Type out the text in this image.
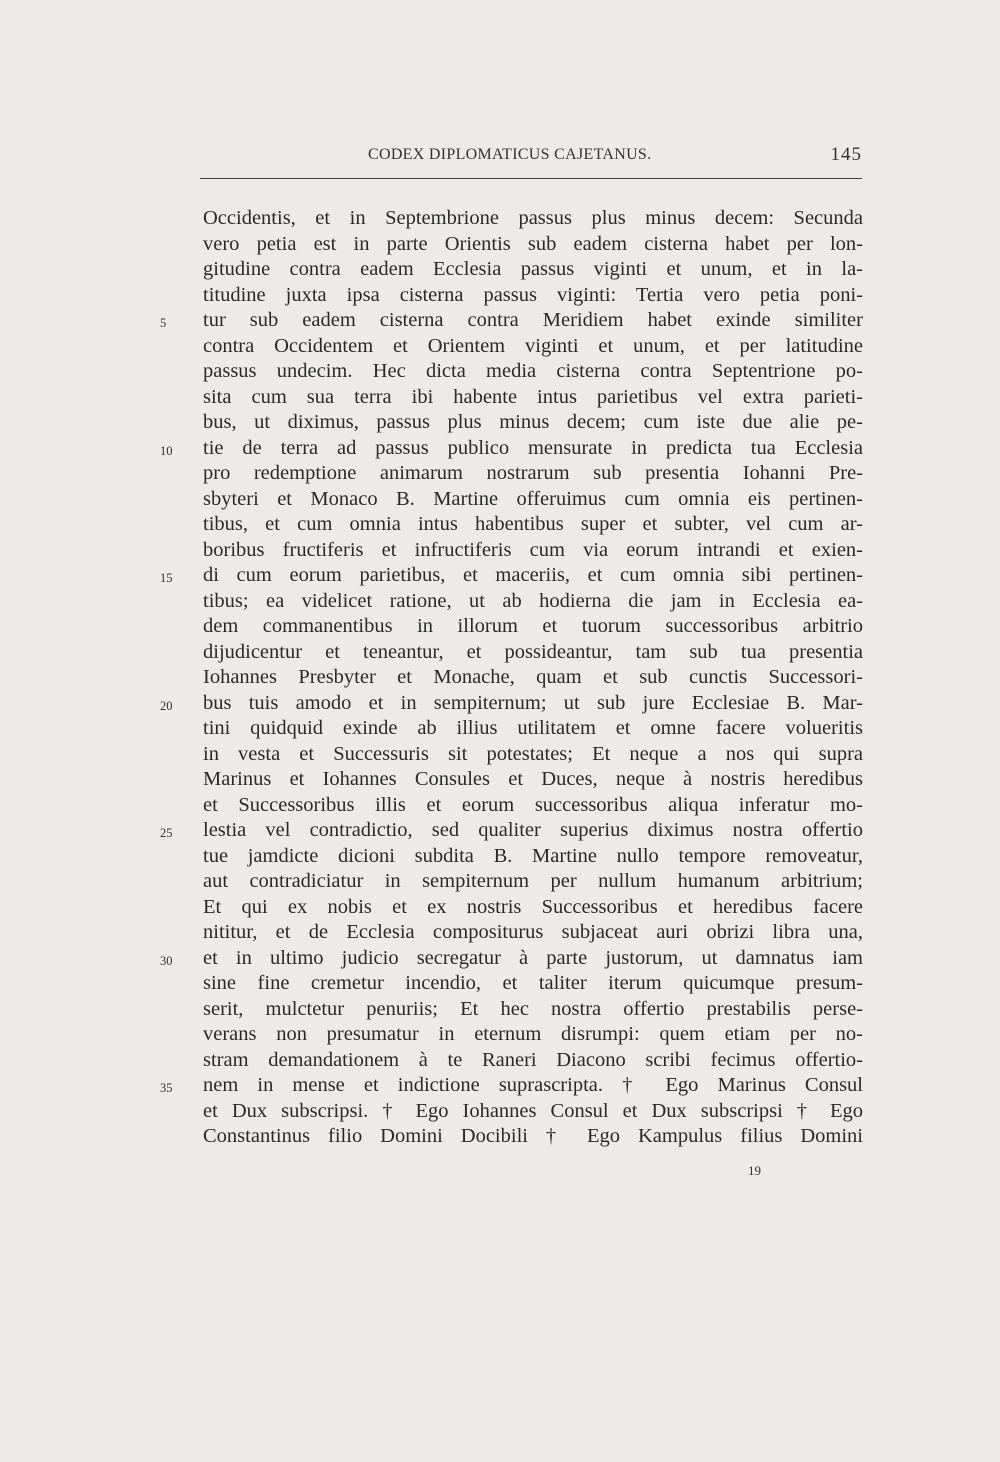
CODEX DIPLOMATICUS CAJETANUS.	145
5
10
15
20
25
30
35
Occidentis, et in Septembrione passus plus minus decem: Secunda
vero petia est in parte Orientis sub eadem cisterna habet per lon-
gitudine contra eadem Ecclesia passus viginti et unum, et in la-
titudine juxta ipsa cisterna passus viginti: Tertia vero petia poni-
tur sub eadem cisterna contra Meridiem habet exinde similiter
contra Occidentem et Orientem viginti et unum, et per latitudine
passus undecim. Hec dicta media cisterna contra Septentrione po-
sita cum sua terra ibi habente intus parietibus vel extra parieti-
bus, ut diximus, passus plus minus decem; cum iste due alie pe-
tie de terra ad passus publico mensurate in predicta tua Ecclesia
pro redemptione animarum nostrarum sub presentia Iohanni Pre-
sbyteri et Monaco B. Martine offeruimus cum omnia eis pertinen-
tibus, et cum omnia intus habentibus super et subter, vel cum ar-
boribus fructiferis et infructiferis cum via eorum intrandi et exien-
di cum eorum parietibus, et maceriis, et cum omnia sibi pertinen-
tibus; ea videlicet ratione, ut ab hodierna die jam in Ecclesia ea-
dem commanentibus in illorum et tuorum successoribus arbitrio
dijudicentur et teneantur, et possideantur, tam sub tua presentia
Iohannes Presbyter et Monache, quam et sub cunctis Successori-
bus tuis amodo et in sempiternum; ut sub jure Ecclesiae B. Mar-
tini quidquid exinde ab illius utilitatem et omne facere volueritis
in vesta et Successuris sit potestates; Et neque a nos qui supra
Marinus et Iohannes Consules et Duces, neque à nostris heredibus
et Successoribus illis et eorum successoribus aliqua inferatur mo-
lestia vel contradictio, sed qualiter superius diximus nostra offertio
tue jamdicte dicioni subdita B. Martine nullo tempore removeatur,
aut contradiciatur in sempiternum per nullum humanum arbitrium;
Et qui ex nobis et ex nostris Successoribus et heredibus facere
nititur, et de Ecclesia compositurus subjaceat auri obrizi libra una,
et in ultimo judicio secregatur à parte justorum, ut damnatus iam
sine fine cremetur incendio, et taliter iterum quicumque presum-
serit, mulctetur penuriis; Et hec nostra offertio prestabilis perse-
verans non presumatur in eternum disrumpi: quem etiam per no-
stram demandationem à te Raneri Diacono scribi fecimus offertio-
nem in mense et indictione suprascripta. † Ego Marinus Consul
et Dux subscripsi. † Ego Iohannes Consul et Dux subscripsi † Ego
Constantinus filio Domini Docibili † Ego Kampulus filius Domini
19
